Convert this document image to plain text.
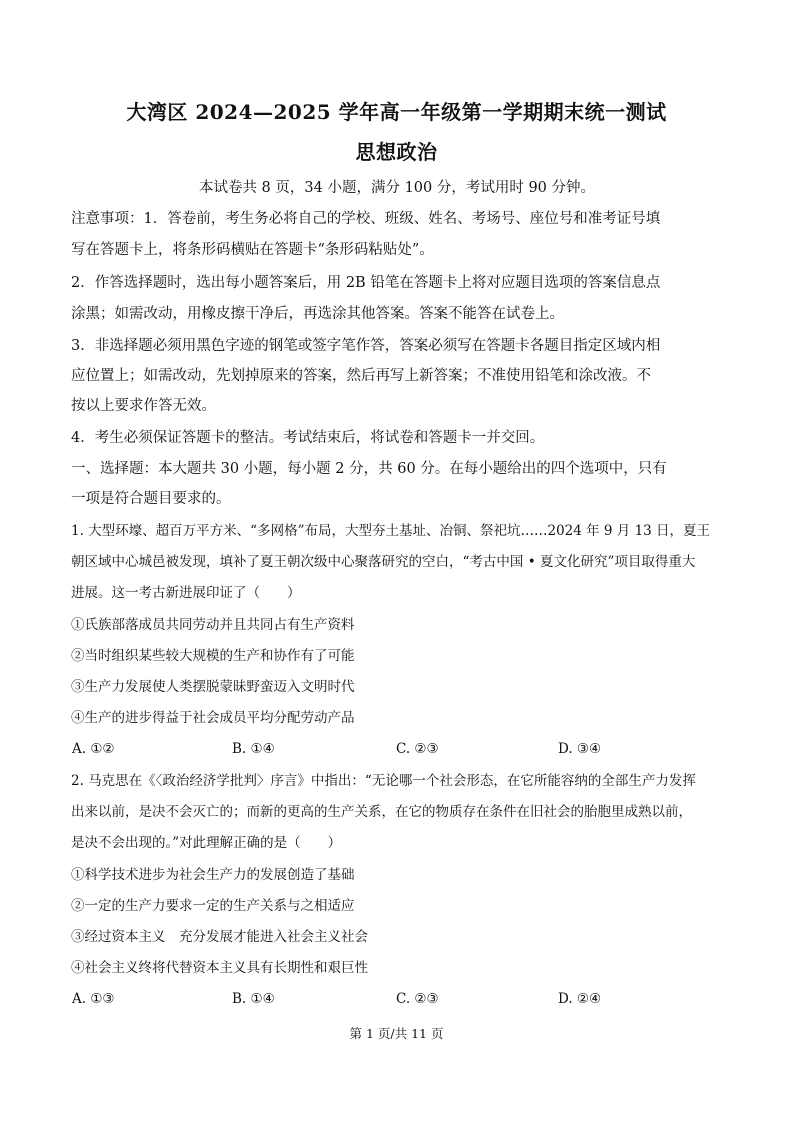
大湾区 2024—2025 学年高一年级第一学期期末统一测试
思想政治
本试卷共 8 页，34 小题，满分 100 分，考试用时 90 分钟。
注意事项：1．答卷前，考生务必将自己的学校、班级、姓名、考场号、座位号和准考证号填
写在答题卡上，将条形码横贴在答题卡“条形码粘贴处”。
2．作答选择题时，选出每小题答案后，用 2B 铅笔在答题卡上将对应题目选项的答案信息点
涂黑；如需改动，用橡皮擦干净后，再选涂其他答案。答案不能答在试卷上。
3．非选择题必须用黑色字迹的钢笔或签字笔作答，答案必须写在答题卡各题目指定区域内相
应位置上；如需改动，先划掉原来的答案，然后再写上新答案；不准使用铅笔和涂改液。不
按以上要求作答无效。
4．考生必须保证答题卡的整洁。考试结束后，将试卷和答题卡一并交回。
一、选择题：本大题共 30 小题，每小题 2 分，共 60 分。在每小题给出的四个选项中，只有
一项是符合题目要求的。
1. 大型环壕、超百万平方米、“多网格”布局，大型夯土基址、冶铜、祭祀坑……2024 年 9 月 13 日，夏王
朝区域中心城邑被发现，填补了夏王朝次级中心聚落研究的空白，“考古中国 • 夏文化研究”项目取得重大
进展。这一考古新进展印证了（　　）
①氏族部落成员共同劳动并且共同占有生产资料
②当时组织某些较大规模的生产和协作有了可能
③生产力发展使人类摆脱蒙昧野蛮迈入文明时代
④生产的进步得益于社会成员平均分配劳动产品
A. ①②	B. ①④	C. ②③	D. ③④
2. 马克思在《〈政治经济学批判〉序言》中指出：“无论哪一个社会形态，在它所能容纳的全部生产力发挥
出来以前，是决不会灭亡的；而新的更高的生产关系，在它的物质存在条件在旧社会的胎胞里成熟以前，
是决不会出现的。”对此理解正确的是（　　）
①科学技术进步为社会生产力的发展创造了基础
②一定的生产力要求一定的生产关系与之相适应
③经过资本主义　充分发展才能进入社会主义社会
④社会主义终将代替资本主义具有长期性和艰巨性
A. ①③	B. ①④	C. ②③	D. ②④
第 1 页/共 11 页
